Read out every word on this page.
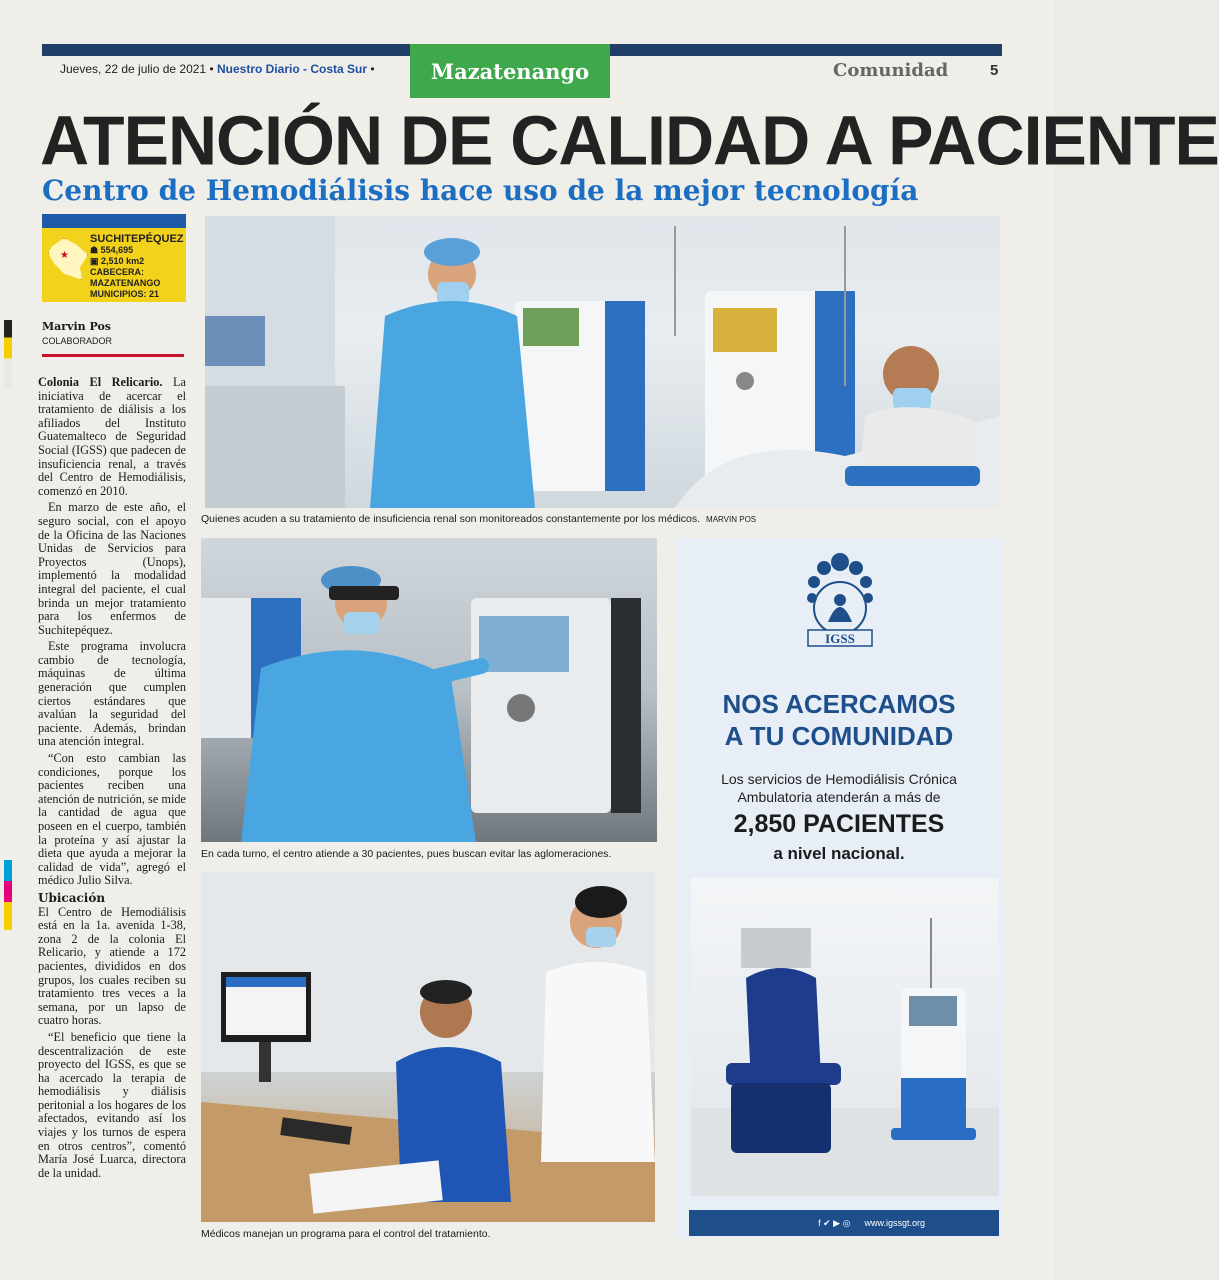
Jueves, 22 de julio de 2021 • Nuestro Diario - Costa Sur •	Mazatenango	Comunidad	5
ATENCIÓN DE CALIDAD A PACIENTE
Centro de Hemodiálisis hace uso de la mejor tecnología
★
SUCHITEPÉQUEZ
☗ 554,695
▣ 2,510 km2
CABECERA: MAZATENANGO
MUNICIPIOS: 21
Marvin Pos
COLABORADOR

Colonia El Relicario. La iniciativa de acercar el tratamiento de diálisis a los afiliados del Instituto Guatemalteco de Seguridad Social (IGSS) que padecen de insuficiencia renal, a través del Centro de Hemodiálisis, comenzó en 2010.

En marzo de este año, el seguro social, con el apoyo de la Oficina de las Naciones Unidas de Servicios para Proyectos (Unops), implementó la modalidad integral del paciente, el cual brinda un mejor tratamiento para los enfermos de Suchitepéquez.

Este programa involucra cambio de tecnología, máquinas de última generación que cumplen ciertos estándares que avalúan la seguridad del paciente. Además, brindan una atención integral.

“Con esto cambian las condiciones, porque los pacientes reciben una atención de nutrición, se mide la cantidad de agua que poseen en el cuerpo, también la proteína y así ajustar la dieta que ayuda a mejorar la calidad de vida”, agregó el médico Julio Silva.

Ubicación

El Centro de Hemodiálisis está en la 1a. avenida 1-38, zona 2 de la colonia El Relicario, y atiende a 172 pacientes, divididos en dos grupos, los cuales reciben su tratamiento tres veces a la semana, por un lapso de cuatro horas.

“El beneficio que tiene la descentralización de este proyecto del IGSS, es que se ha acercado la terapia de hemodiálisis y diálisis peritonial a los hogares de los afectados, evitando así los viajes y los turnos de espera en otros centros”, comentó María José Luarca, directora de la unidad.

Quienes acuden a su tratamiento de insuficiencia renal son monitoreados constantemente por los médicos. MARVIN POS
En cada turno, el centro atiende a 30 pacientes, pues buscan evitar las aglomeraciones.
Médicos manejan un programa para el control del tratamiento.
IGSS
NOS ACERCAMOS
A TU COMUNIDAD
Los servicios de Hemodiálisis Crónica
Ambulatoria atenderán a más de
2,850 PACIENTES
a nivel nacional.
f ✔ ▶ ◎ www.igssgt.org
